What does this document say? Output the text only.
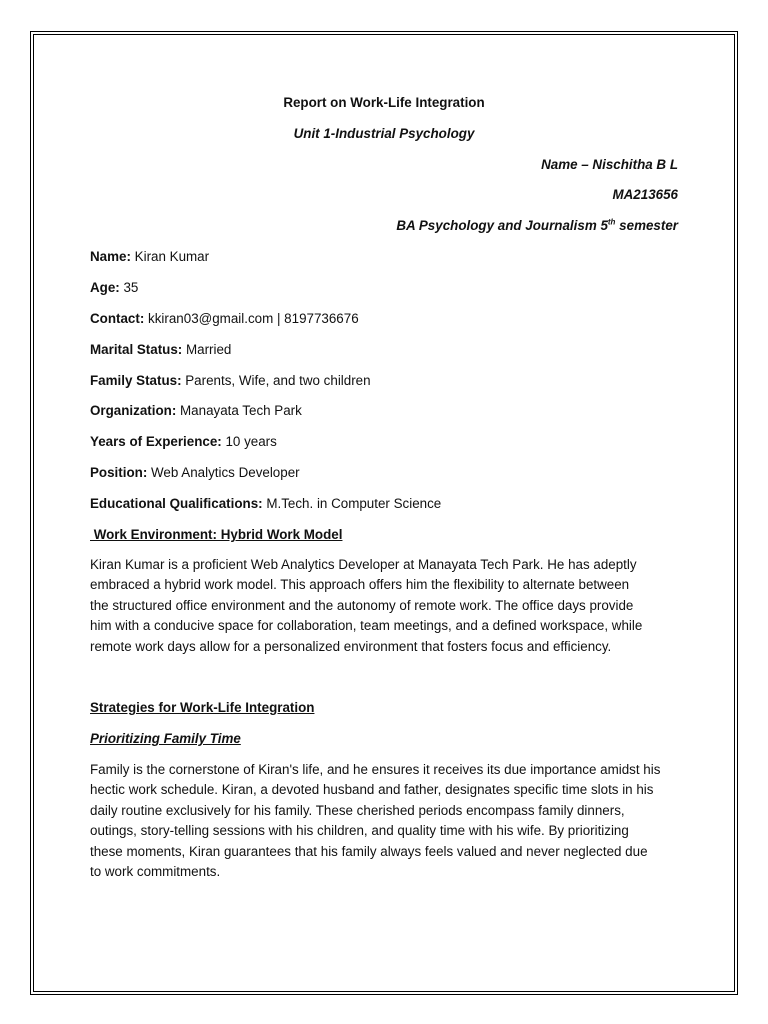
Report on Work-Life Integration
Unit 1-Industrial Psychology
Name – Nischitha B L
MA213656
BA Psychology and Journalism 5th semester
Name: Kiran Kumar
Age: 35
Contact: kkiran03@gmail.com | 8197736676
Marital Status: Married
Family Status: Parents, Wife, and two children
Organization: Manayata Tech Park
Years of Experience: 10 years
Position: Web Analytics Developer
Educational Qualifications: M.Tech. in Computer Science
Work Environment: Hybrid Work Model
Kiran Kumar is a proficient Web Analytics Developer at Manayata Tech Park. He has adeptly
embraced a hybrid work model. This approach offers him the flexibility to alternate between
the structured office environment and the autonomy of remote work. The office days provide
him with a conducive space for collaboration, team meetings, and a defined workspace, while
remote work days allow for a personalized environment that fosters focus and efficiency.
Strategies for Work-Life Integration
Prioritizing Family Time
Family is the cornerstone of Kiran's life, and he ensures it receives its due importance amidst his
hectic work schedule. Kiran, a devoted husband and father, designates specific time slots in his
daily routine exclusively for his family. These cherished periods encompass family dinners,
outings, story-telling sessions with his children, and quality time with his wife. By prioritizing
these moments, Kiran guarantees that his family always feels valued and never neglected due
to work commitments.
